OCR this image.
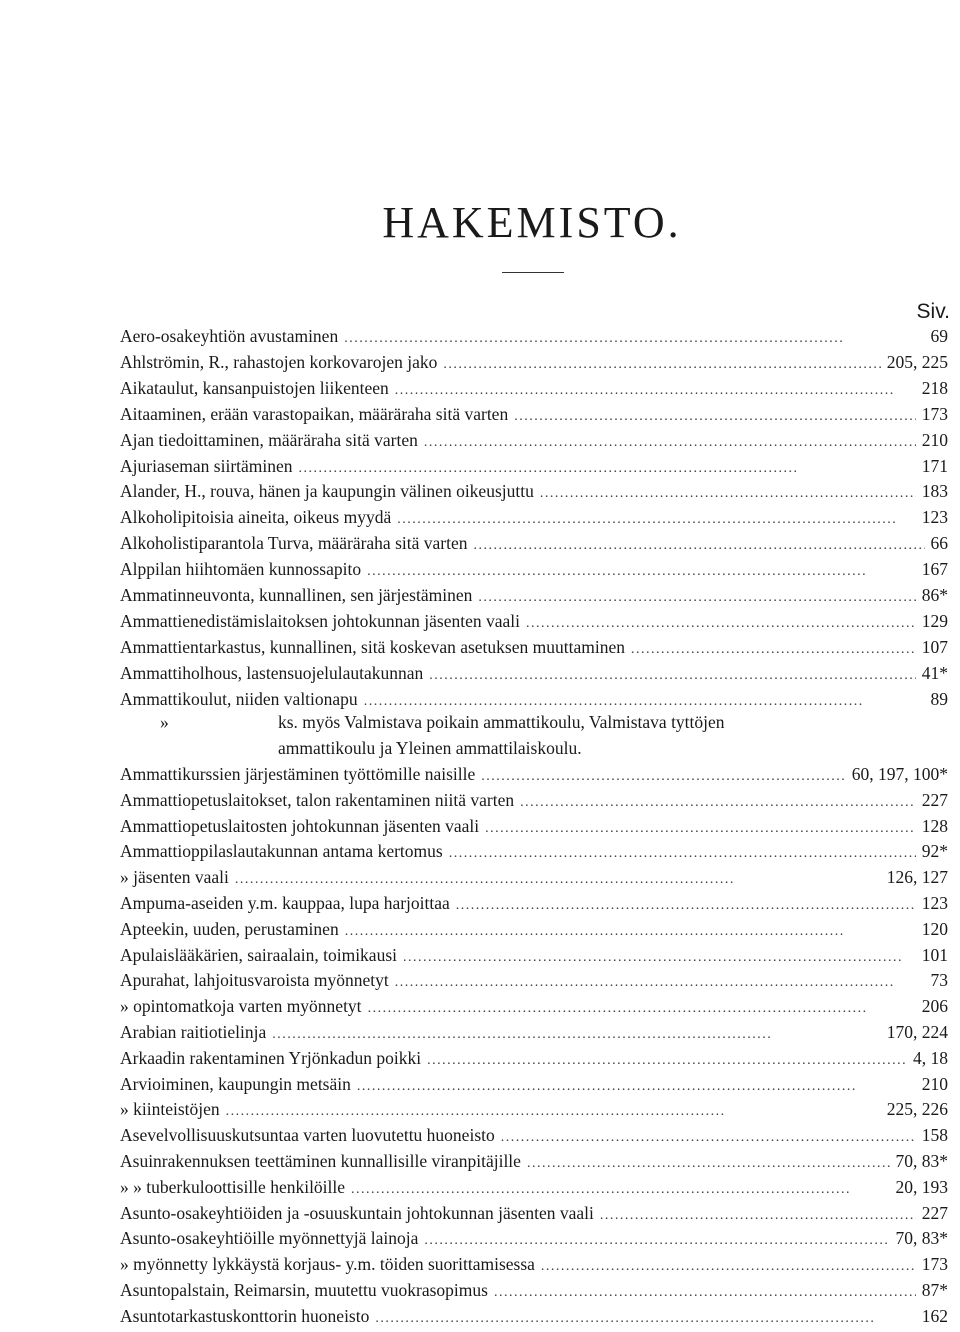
HAKEMISTO.
Siv.
Aero-osakeyhtiön avustaminen . . .	69
Ahlströmin, R., rahastojen korkovarojen jako . . .	205, 225
Aikataulut, kansanpuistojen liikenteen . . .	218
Aitaaminen, erään varastopaikan, määräraha sitä varten . . .	173
Ajan tiedoittaminen, määräraha sitä varten . . .	210
Ajuriaseman siirtäminen . . .	171
Alander, H., rouva, hänen ja kaupungin välinen oikeusjuttu . . .	183
Alkoholipitoisia aineita, oikeus myydä . . .	123
Alkoholistiparantola Turva, määräraha sitä varten . . .	66
Alppilan hiihtomäen kunnossapito . . .	167
Ammatinneuvonta, kunnallinen, sen järjestäminen . . .	86*
Ammattienedistämislaitoksen johtokunnan jäsenten vaali . . .	129
Ammattientarkastus, kunnallinen, sitä koskevan asetuksen muuttaminen . . .	107
Ammattiholhous, lastensuojelulautakunnan . . .	41*
Ammattikoulut, niiden valtionapu . . .	89
»	ks. myös Valmistava poikain ammattikoulu, Valmistava tyttöjen
ammattikoulu ja Yleinen ammattilaiskoulu.
Ammattikurssien järjestäminen työttömille naisille . . .	60, 197, 100*
Ammattiopetuslaitokset, talon rakentaminen niitä varten . . .	227
Ammattiopetuslaitosten johtokunnan jäsenten vaali . . .	128
Ammattioppilaslautakunnan antama kertomus . . .	92*
» jäsenten vaali . . .	126, 127
Ampuma-aseiden y.m. kauppaa, lupa harjoittaa . . .	123
Apteekin, uuden, perustaminen . . .	120
Apulaislääkärien, sairaalain, toimikausi . . .	101
Apurahat, lahjoitusvaroista myönnetyt . . .	73
» opintomatkoja varten myönnetyt . . .	206
Arabian raitiotielinja . . .	170, 224
Arkaadin rakentaminen Yrjönkadun poikki . . .	4, 18
Arvioiminen, kaupungin metsäin . . .	210
» kiinteistöjen . . .	225, 226
Asevelvollisuuskutsuntaa varten luovutettu huoneisto . . .	158
Asuinrakennuksen teettäminen kunnallisille viranpitäjille . . .	70, 83*
» » tuberkuloottisille henkilöille . . .	20, 193
Asunto-osakeyhtiöiden ja -osuuskuntain johtokunnan jäsenten vaali . . .	227
Asunto-osakeyhtiöille myönnettyjä lainoja . . .	70, 83*
» myönnetty lykkäystä korjaus- y.m. töiden suorittamisessa . . .	173
Asuntopalstain, Reimarsin, muutettu vuokrasopimus . . .	87*
Asuntotarkastuskonttorin huoneisto . . .	162
